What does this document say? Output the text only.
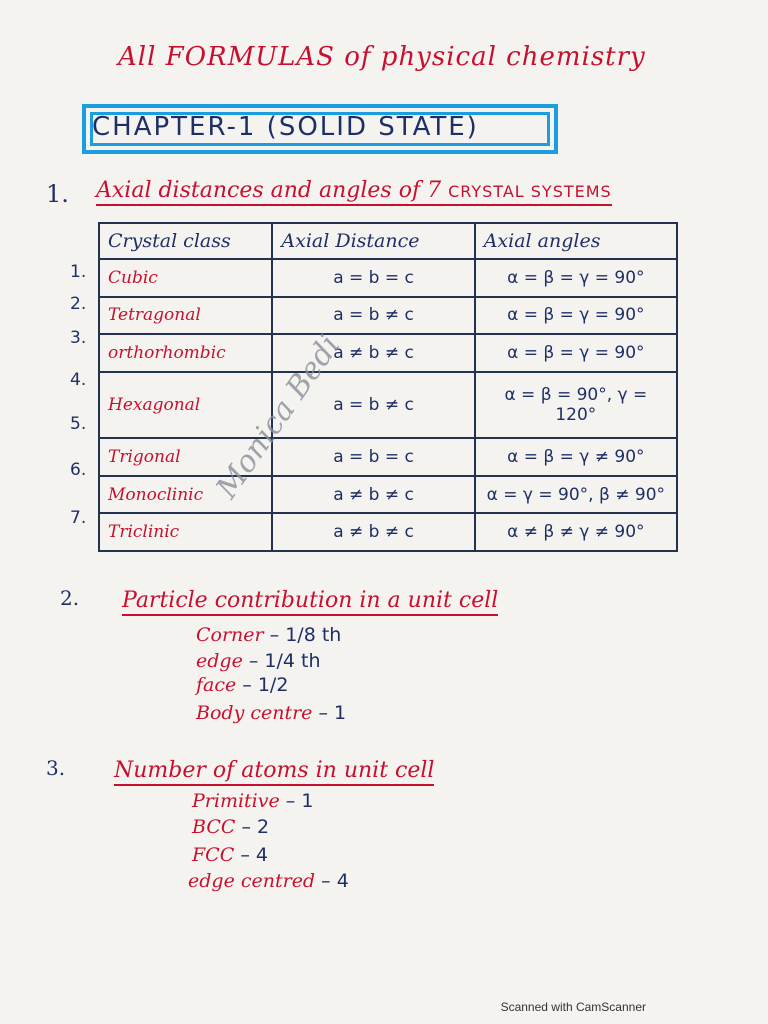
All FORMULAS of physical chemistry
CHAPTER-1 (SOLID STATE)
1. Axial distances and angles of 7 CRYSTAL SYSTEMS
Crystal class	Axial Distance	Axial angles
Cubic	a = b = c	α = β = γ = 90°
Tetragonal	a = b ≠ c	α = β = γ = 90°
orthorhombic	a ≠ b ≠ c	α = β = γ = 90°
Hexagonal	a = b ≠ c	α = β = 90°, γ = 120°
Trigonal	a = b = c	α = β = γ ≠ 90°
Monoclinic	a ≠ b ≠ c	α = γ = 90°, β ≠ 90°
Triclinic	a ≠ b ≠ c	α ≠ β ≠ γ ≠ 90°
1.
2.
3.
4.
5.
6.
7.
Monica Bedi
2. Particle contribution in a unit cell
Corner – 1/8 th
edge – 1/4 th
face – 1/2
Body centre – 1
3. Number of atoms in unit cell
Primitive – 1
BCC – 2
FCC – 4
edge centred – 4
Scanned with CamScanner
